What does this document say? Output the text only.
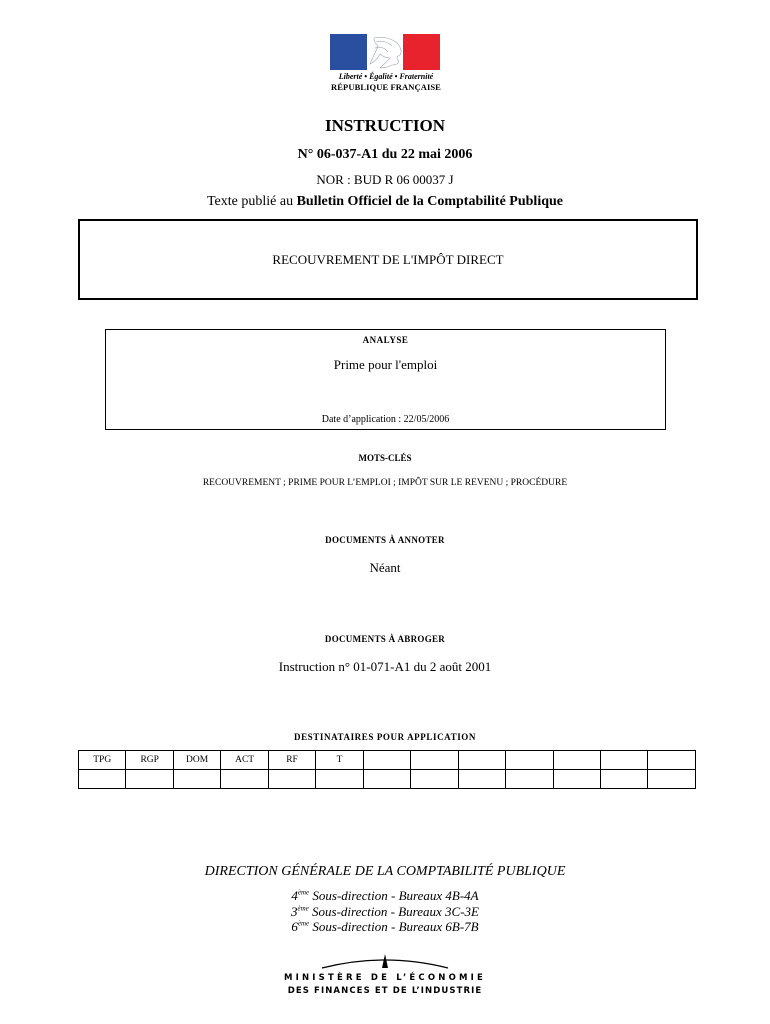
Liberté • Égalité • Fraternité
RÉPUBLIQUE FRANÇAISE
INSTRUCTION
N° 06-037-A1 du 22 mai 2006
NOR : BUD R 06 00037 J
Texte publié au Bulletin Officiel de la Comptabilité Publique
RECOUVREMENT DE L'IMPÔT DIRECT
ANALYSE
Prime pour l'emploi
Date d’application : 22/05/2006
MOTS-CLÉS
RECOUVREMENT ; PRIME POUR L’EMPLOI ; IMPÔT SUR LE REVENU ; PROCÉDURE
DOCUMENTS À ANNOTER
Néant
DOCUMENTS À ABROGER
Instruction n° 01-071-A1 du 2 août 2001
DESTINATAIRES POUR APPLICATION
TPG	RGP	DOM	ACT	RF	T							

DIRECTION GÉNÉRALE DE LA COMPTABILITÉ PUBLIQUE
4ème Sous-direction - Bureaux 4B-4A
3ème Sous-direction - Bureaux 3C-3E
6ème Sous-direction - Bureaux 6B-7B
MINISTÈRE DE L’ÉCONOMIE
DES FINANCES ET DE L’INDUSTRIE
